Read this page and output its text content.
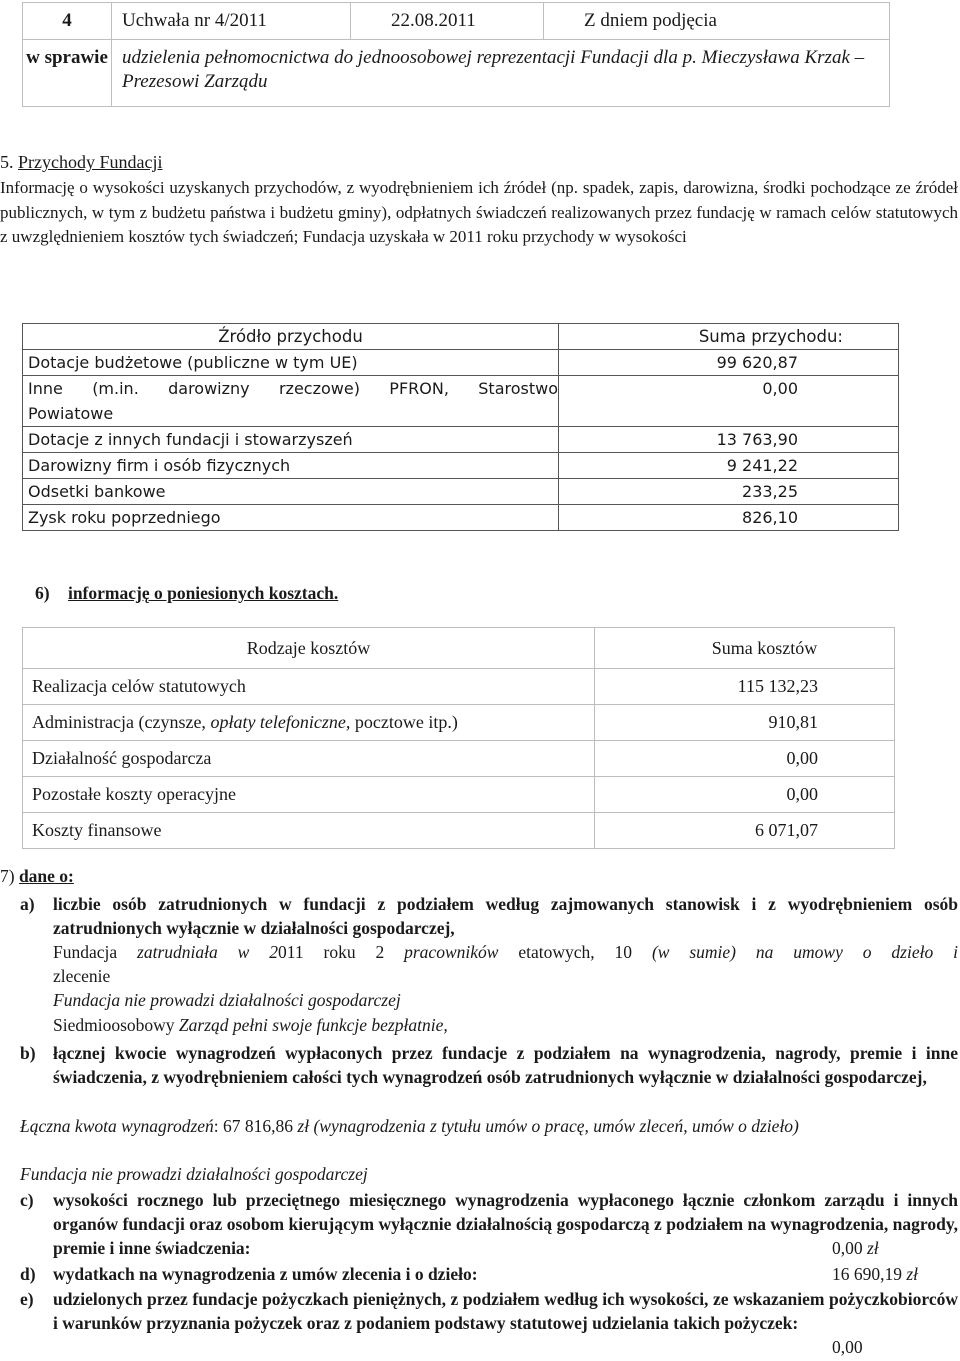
4	Uchwała nr 4/2011	22.08.2011	Z dniem podjęcia
w sprawie	udzielenia pełnomocnictwa do jednoosobowej reprezentacji Fundacji dla p. Mieczysława Krzak – Prezesowi Zarządu		
5. Przychody Fundacji
Informację o wysokości uzyskanych przychodów, z wyodrębnieniem ich źródeł (np. spadek, zapis, darowizna, środki pochodzące ze źródeł publicznych, w tym z budżetu państwa i budżetu gminy), odpłatnych świadczeń realizowanych przez fundację w ramach celów statutowych z uwzględnieniem kosztów tych świadczeń; Fundacja uzyskała w 2011 roku przychody w wysokości
Źródło przychodu	Suma przychodu:
Dotacje budżetowe (publiczne w tym UE)	99 620,87

Inne (m.in. darowizny rzeczowe) PFRON, Starostwo
Powiatowe	0,00
Dotacje z innych fundacji i stowarzyszeń	13 763,90
Darowizny firm i osób fizycznych	9 241,22
Odsetki bankowe	233,25
Zysk roku poprzedniego	826,10
6) informację o poniesionych kosztach.
Rodzaje kosztów	Suma kosztów
Realizacja celów statutowych	115 132,23
Administracja (czynsze, opłaty telefoniczne, pocztowe itp.)	910,81
Działalność gospodarcza	0,00
Pozostałe koszty operacyjne	0,00
Koszty finansowe	6 071,07
7) dane o:
a) liczbie osób zatrudnionych w fundacji z podziałem według zajmowanych stanowisk i z wyodrębnieniem osób zatrudnionych wyłącznie w działalności gospodarczej,
Fundacja zatrudniała w 2011 roku 2 pracowników etatowych, 10 (w sumie) na umowy o dzieło i
zlecenie
Fundacja nie prowadzi działalności gospodarczej
Siedmioosobowy Zarząd pełni swoje funkcje bezpłatnie,
b) łącznej kwocie wynagrodzeń wypłaconych przez fundacje z podziałem na wynagrodzenia, nagrody, premie i inne świadczenia, z wyodrębnieniem całości tych wynagrodzeń osób zatrudnionych wyłącznie w działalności gospodarczej,
Łączna kwota wynagrodzeń: 67 816,86 zł (wynagrodzenia z tytułu umów o pracę, umów zleceń, umów o dzieło)
Fundacja nie prowadzi działalności gospodarczej
c) wysokości rocznego lub przeciętnego miesięcznego wynagrodzenia wypłaconego łącznie członkom zarządu i innych organów fundacji oraz osobom kierującym wyłącznie działalnością gospodarczą z podziałem na wynagrodzenia, nagrody, premie i inne świadczenia:	0,00 zł
d) wydatkach na wynagrodzenia z umów zlecenia i o dzieło:	16 690,19 zł
e) udzielonych przez fundacje pożyczkach pieniężnych, z podziałem według ich wysokości, ze wskazaniem pożyczkobiorców i warunków przyznania pożyczek oraz z podaniem podstawy statutowej udzielania takich pożyczek:
0,00
